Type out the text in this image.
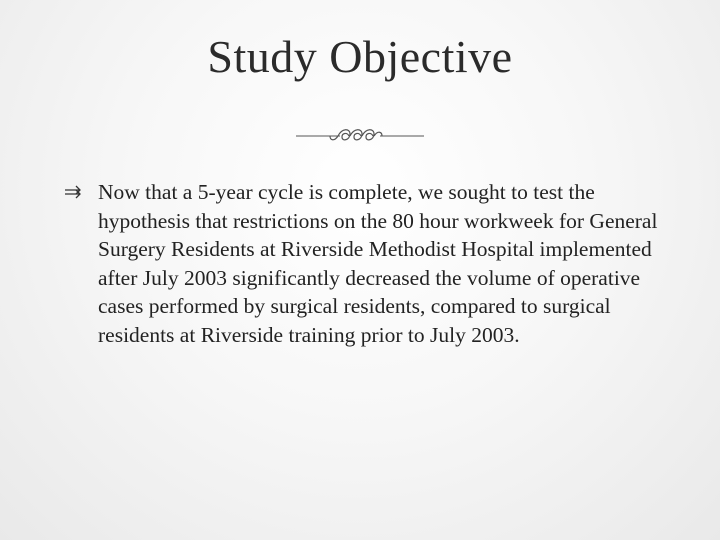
Study Objective
Now that a 5-year cycle is complete, we sought to test the hypothesis that restrictions on the 80 hour workweek for General Surgery Residents at Riverside Methodist Hospital implemented after July 2003 significantly decreased the volume of operative cases performed by surgical residents, compared to surgical residents at Riverside training prior to July 2003.
